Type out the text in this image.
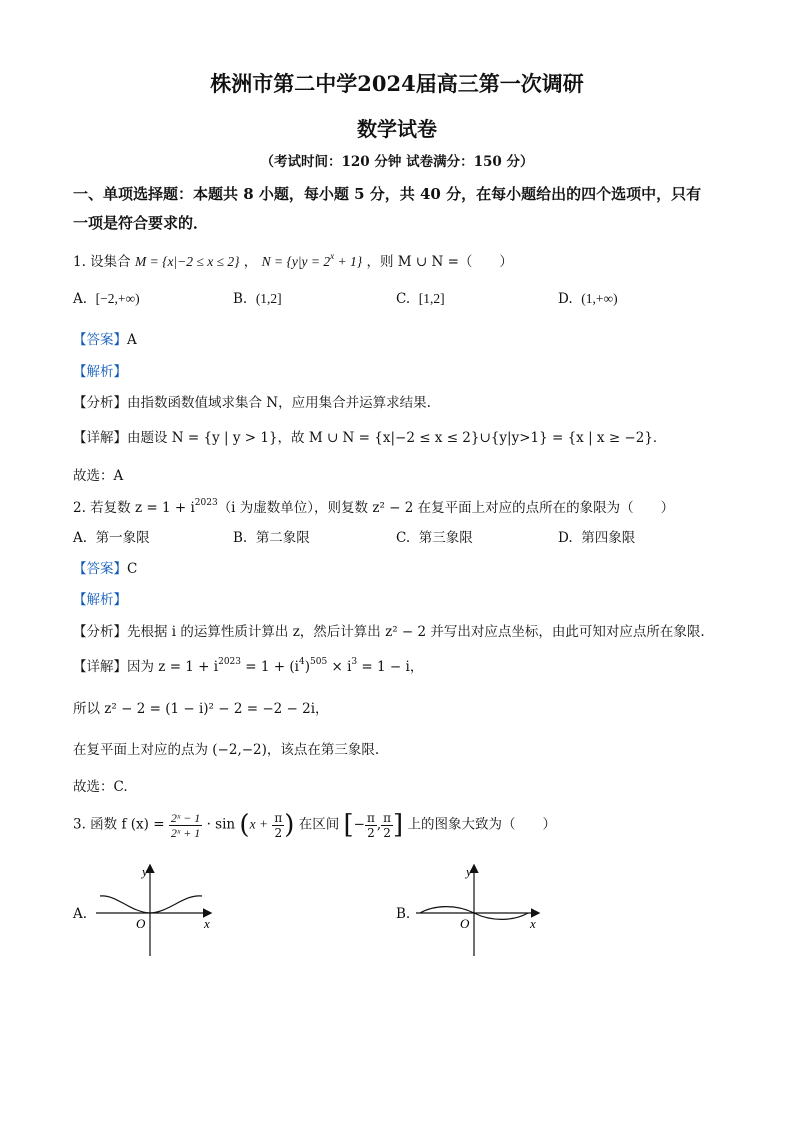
株洲市第二中学2024届高三第一次调研
数学试卷
（考试时间：120 分钟 试卷满分：150 分）
一、单项选择题：本题共 8 小题，每小题 5 分，共 40 分，在每小题给出的四个选项中，只有
一项是符合要求的．
1. 设集合 M = {x|−2 ≤ x ≤ 2} ， $N = \{y|y = 2^x + 1\}$ ，则 M ∪ N =（　　）
A. [−2,+∞)	B. (1,2]	C. [1,2]	D. (1,+∞)
【答案】A
【解析】
【分析】由指数函数值域求集合 N，应用集合并运算求结果.
【详解】由题设 N = {y | y > 1}，故 M ∪ N = {x|−2 ≤ x ≤ 2}∪{y|y>1} = {x | x ≥ −2}．
故选：A
2. 若复数 $z = 1 + i^{2023}(i$ 为虚数单位），则复数 z² − 2 在复平面上对应的点所在的象限为（　　）
A. 第一象限	B. 第二象限	C. 第三象限	D. 第四象限
【答案】C
【解析】
【分析】先根据 i 的运算性质计算出 z，然后计算出 z² − 2 并写出对应点坐标，由此可知对应点所在象限.
【详解】因为 $z = 1 + i^{2023} = 1 + (i^4)^{505} \times i^3 = 1 - i$，
所以 z² − 2 = (1 − i)² − 2 = −2 − 2i，
在复平面上对应的点为 (−2,−2)，该点在第三象限.
故选：C.
3. 函数 f $(x) = \frac{\text{2ˣ − 1}}{\text{2ˣ + 1}} \cdot \sin (x + \frac{\pi}{2}$ ) 在区间 [− $\frac{\pi}{2}$ , $\frac{\pi}{2}$ ] 上的图象大致为（　　）
A.
y
x
O
B.
y
x
O
